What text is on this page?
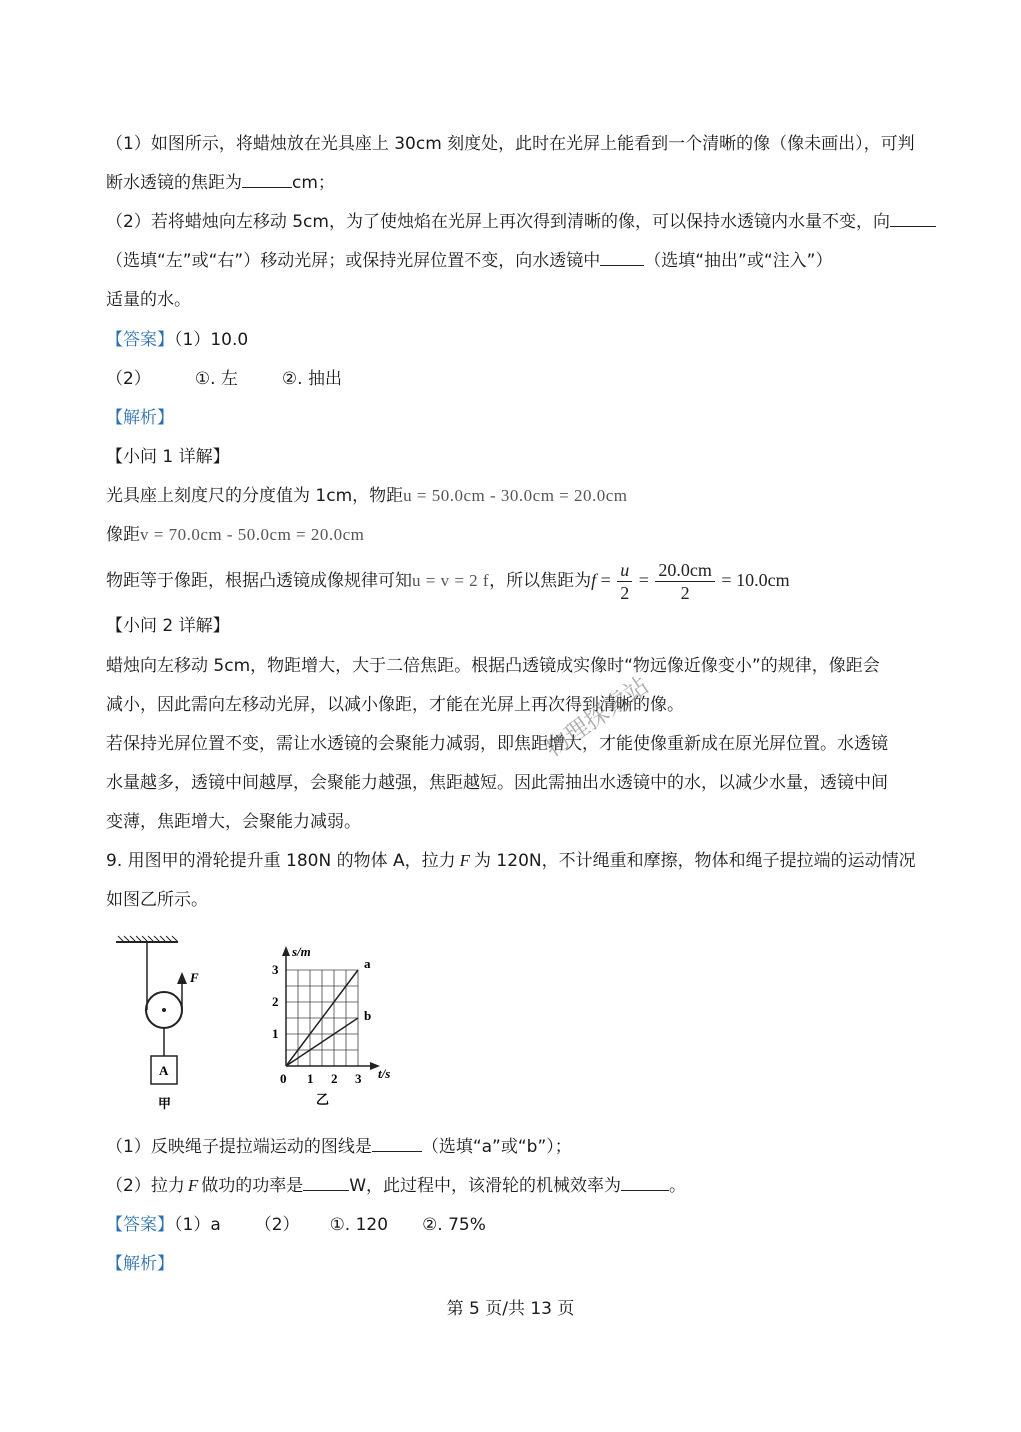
（1）如图所示，将蜡烛放在光具座上 30cm 刻度处，此时在光屏上能看到一个清晰的像（像未画出），可判
断水透镜的焦距为	cm；
（2）若将蜡烛向左移动 5cm，为了使烛焰在光屏上再次得到清晰的像，可以保持水透镜内水量不变，向
（选填“左”或“右”）移动光屏；或保持光屏位置不变，向水透镜中	（选填“抽出”或“注入”）
适量的水。
【答案】（1）10.0
（2）	①. 左	②. 抽出
【解析】
【小问 1 详解】
光具座上刻度尺的分度值为 1cm，物距u = 50.0cm - 30.0cm = 20.0cm
像距v = 70.0cm - 50.0cm = 20.0cm
物距等于像距，根据凸透镜成像规律可知u = v = 2 f，所以焦距为$f = \frac{u}{2} = \frac{20.0cm}{2} = 10.0cm$
【小问 2 详解】
蜡烛向左移动 5cm，物距增大，大于二倍焦距。根据凸透镜成实像时“物远像近像变小”的规律，像距会
减小，因此需向左移动光屏，以减小像距，才能在光屏上再次得到清晰的像。
若保持光屏位置不变，需让水透镜的会聚能力减弱，即焦距增大，才能使像重新成在原光屏位置。水透镜
水量越多，透镜中间越厚，会聚能力越强，焦距越短。因此需抽出水透镜中的水，以减少水量，透镜中间
变薄，焦距增大，会聚能力减弱。
物理探索站
9. 用图甲的滑轮提升重 180N 的物体 A，拉力 F 为 120N，不计绳重和摩擦，物体和绳子提拉端的运动情况
如图乙所示。
F
A
甲
s/m
t/s
1
2
3
0 1 2 3
a
b
乙
（1）反映绳子提拉端运动的图线是	（选填“a”或“b”）；
（2）拉力 F 做功的功率是	W，此过程中，该滑轮的机械效率为	。
【答案】（1）a （2） ①. 120 ②. 75%
【解析】
第 5 页/共 13 页
